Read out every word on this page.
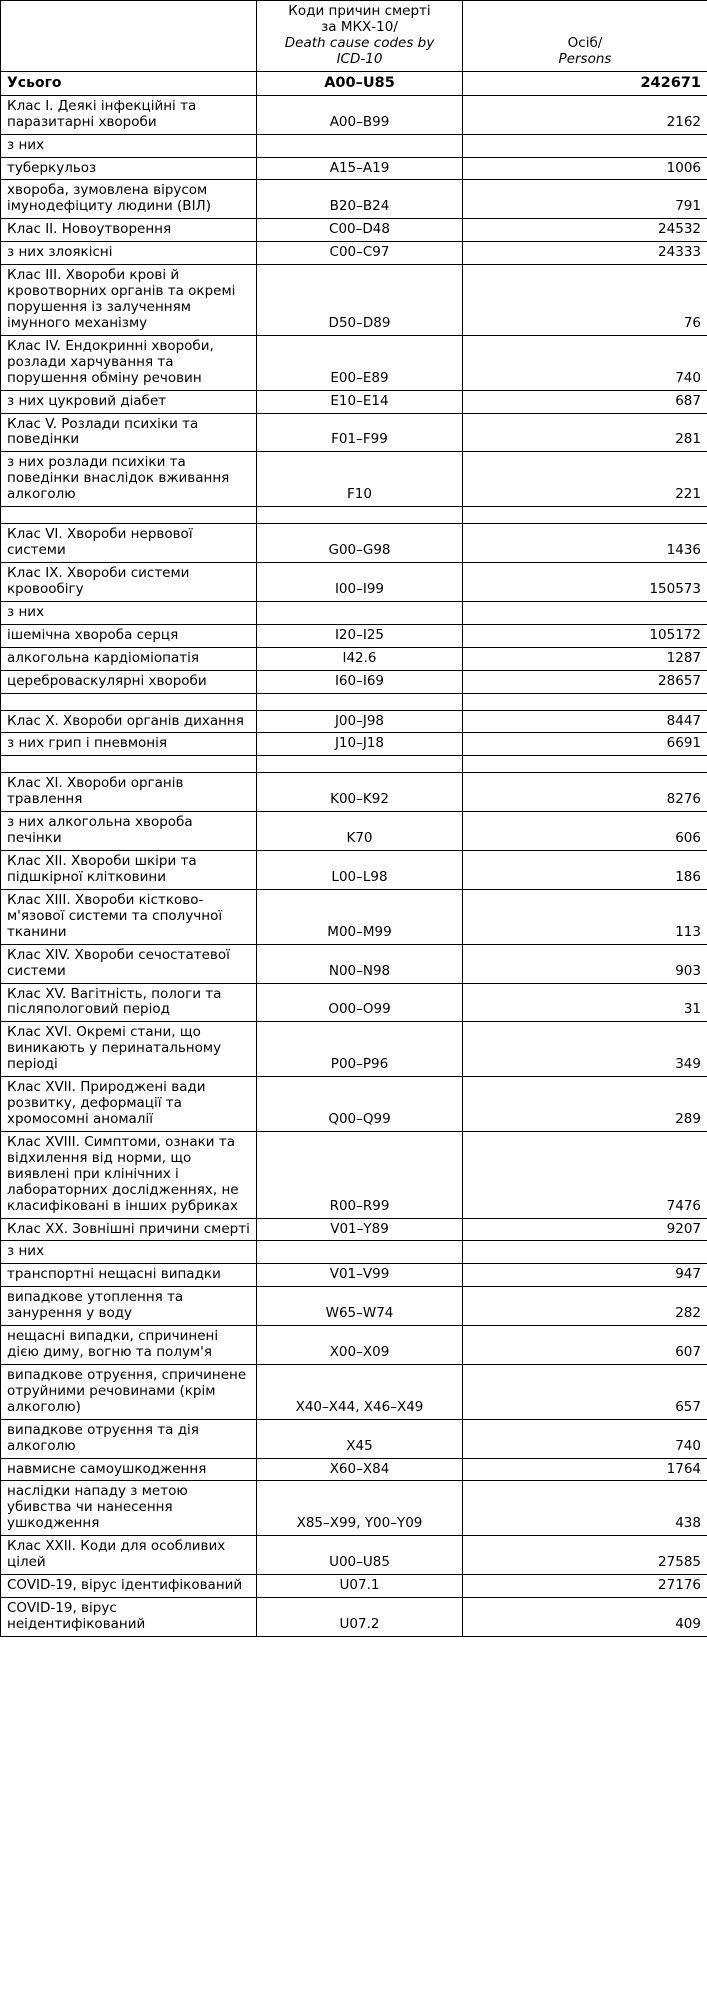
	Коди причин смерті
за МКХ-10/
Death cause codes by
ICD-10	Осіб/
Persons

Усього	A00–U85	242671
Клас I. Деякі інфекційні та паразитарні хвороби	A00–B99	2162
з них		
туберкульоз	A15–A19	1006
хвороба, зумовлена вірусом імунодефіциту людини (ВІЛ)	B20–B24	791
Клас II. Новоутворення	C00–D48	24532
з них злоякісні	C00–C97	24333
Клас III. Хвороби крові й кровотворних органів та окремі порушення із залученням імунного механізму	D50–D89	76
Клас IV. Ендокринні хвороби, розлади харчування та порушення обміну речовин	E00–E89	740
з них цукровий діабет	E10–E14	687
Клас V. Розлади психіки та поведінки	F01–F99	281
з них розлади психіки та поведінки внаслідок вживання алкоголю	F10	221

Клас VI. Хвороби нервової системи	G00–G98	1436
Клас IX. Хвороби системи кровообігу	I00–I99	150573
з них		
ішемічна хвороба серця	I20–I25	105172
алкогольна кардіоміопатія	I42.6	1287
цереброваскулярні хвороби	I60–I69	28657

Клас X. Хвороби органів дихання	J00–J98	8447
з них грип і пневмонія	J10–J18	6691

Клас XI. Хвороби органів травлення	K00–K92	8276
з них алкогольна хвороба печінки	K70	606
Клас XII. Хвороби шкіри та підшкірної клітковини	L00–L98	186
Клас XIII. Хвороби кістково-м'язової системи та сполучної тканини	M00–M99	113
Клас XIV. Хвороби сечостатевої системи	N00–N98	903
Клас XV. Вагітність, пологи та післяпологовий період	O00–O99	31
Клас XVI. Окремі стани, що виникають у перинатальному періоді	P00–P96	349
Клас XVII. Природжені вади розвитку, деформації та хромосомні аномалії	Q00–Q99	289
Клас XVIII. Симптоми, ознаки та відхилення від норми, що виявлені при клінічних і лабораторних дослідженнях, не класифіковані в інших рубриках	R00–R99	7476
Клас XX. Зовнішні причини смерті	V01–Y89	9207
з них		
транспортні нещасні випадки	V01–V99	947
випадкове утоплення та занурення у воду	W65–W74	282
нещасні випадки, спричинені дією диму, вогню та полум'я	X00–X09	607
випадкове отруєння, спричинене отруйними речовинами (крім алкоголю)	X40–X44, X46–X49	657
випадкове отруєння та дія алкоголю	X45	740
навмисне самоушкодження	X60–X84	1764
наслідки нападу з метою убивства чи нанесення ушкодження	X85–X99, Y00–Y09	438
Клас XXII. Коди для особливих цілей	U00–U85	27585
COVID-19, вірус ідентифікований	U07.1	27176
COVID-19, вірус неідентифікований	U07.2	409
